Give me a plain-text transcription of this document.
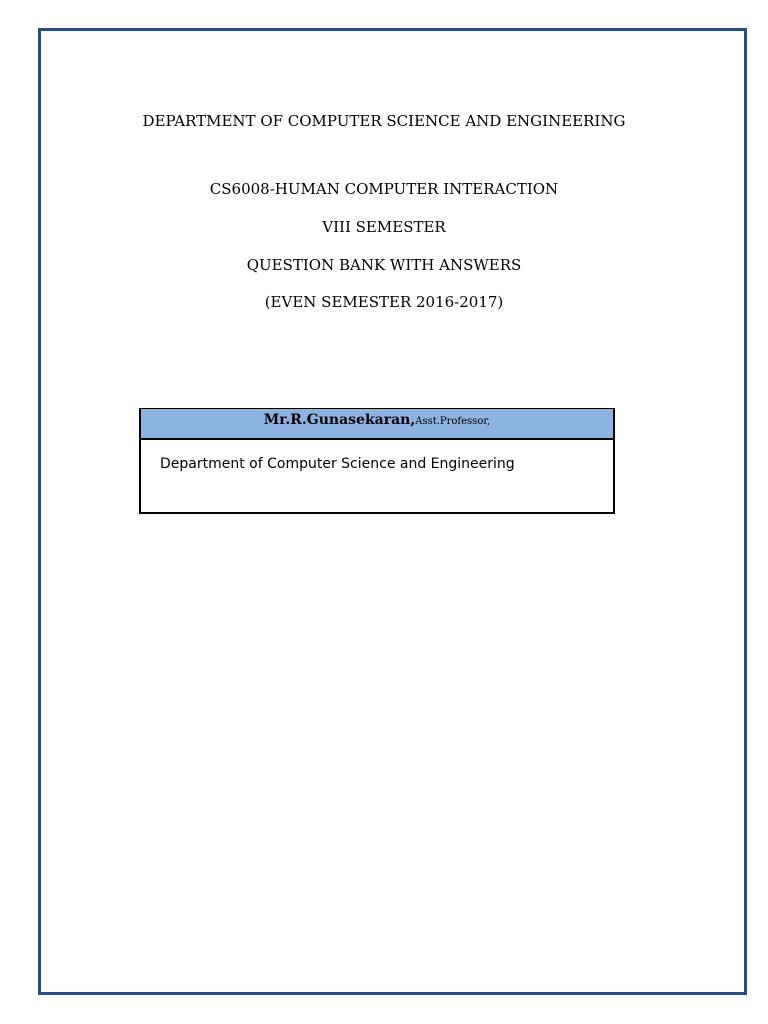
DEPARTMENT OF COMPUTER SCIENCE AND ENGINEERING
CS6008-HUMAN COMPUTER INTERACTION
VIII SEMESTER
QUESTION BANK WITH ANSWERS
(EVEN SEMESTER 2016-2017)
Mr.R.Gunasekaran,Asst.Professor,
Department of Computer Science and Engineering
